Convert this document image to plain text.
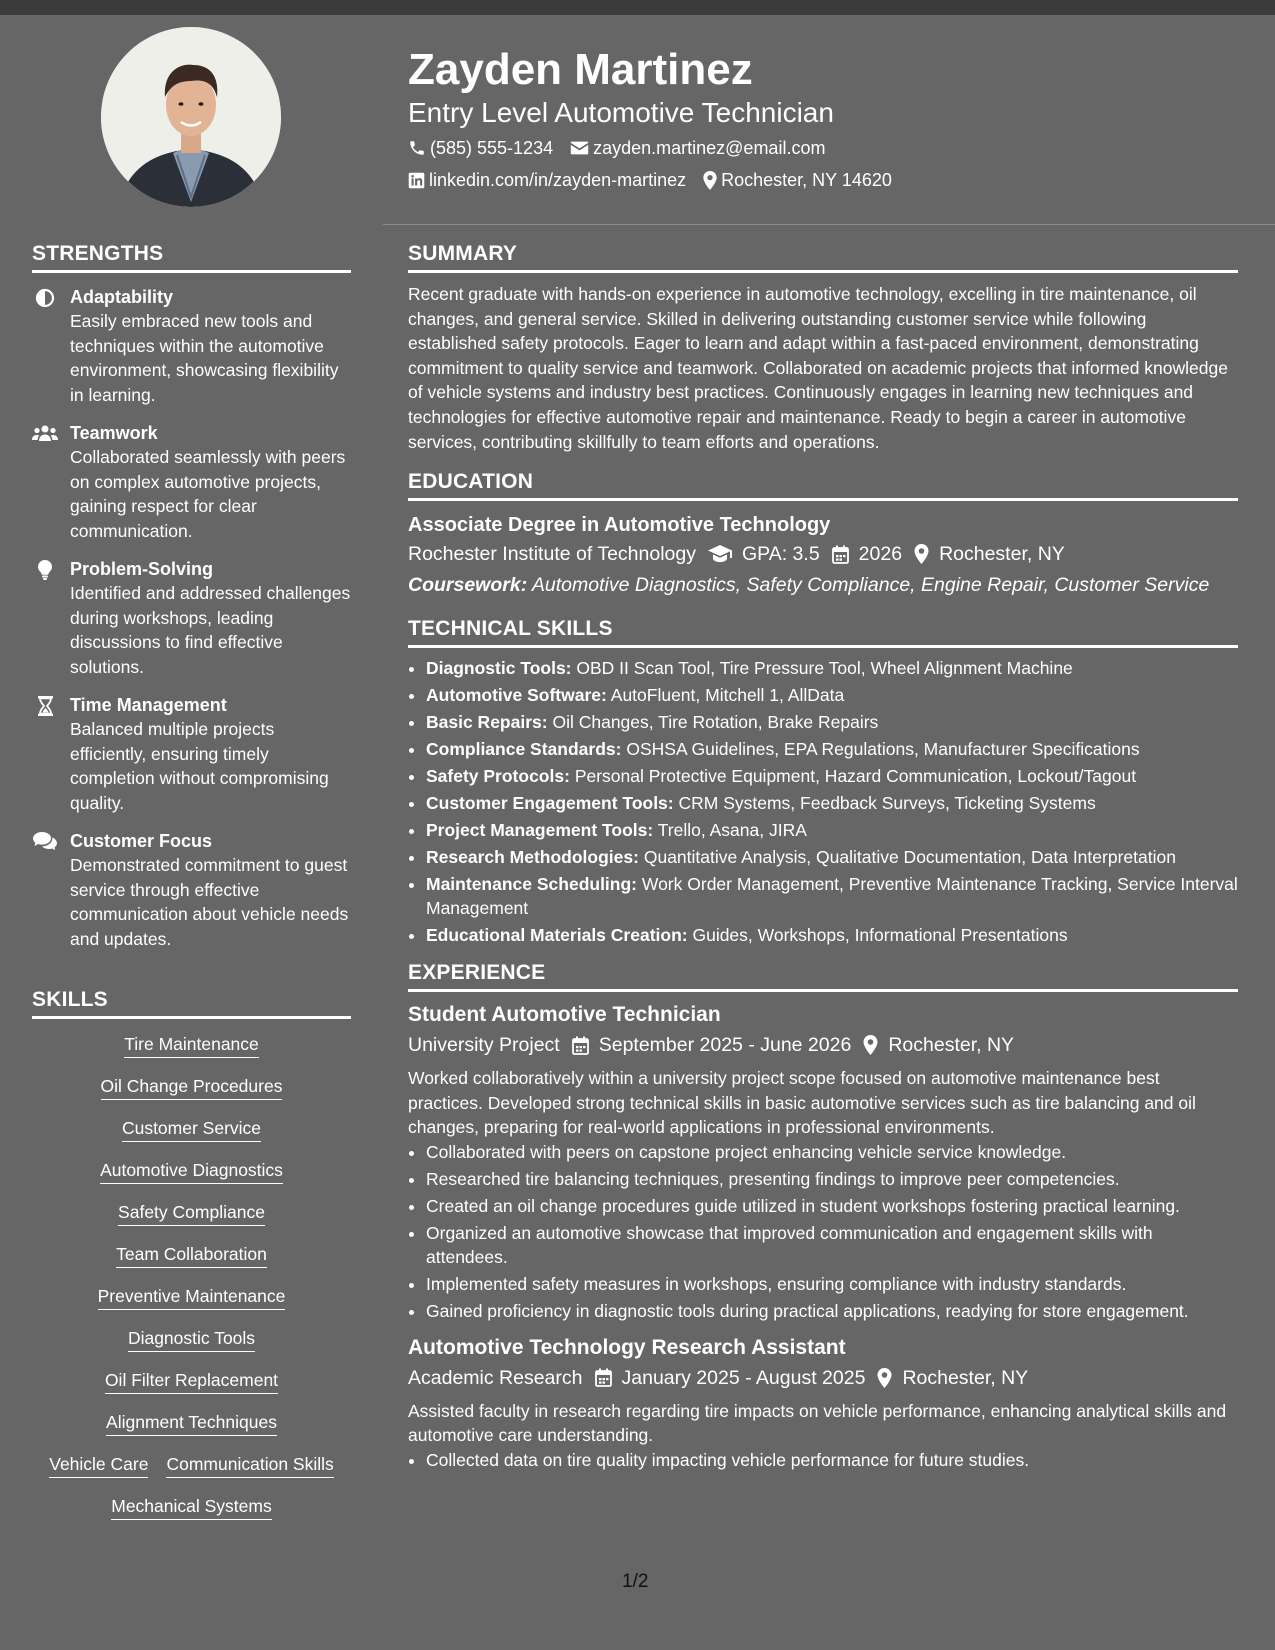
Zayden Martinez
Entry Level Automotive Technician
(585) 555-1234 zayden.martinez@email.com
linkedin.com/in/zayden-martinez Rochester, NY 14620
STRENGTHS
Adaptability
Easily embraced new tools and techniques within the automotive environment, showcasing flexibility in learning.
Teamwork
Collaborated seamlessly with peers on complex automotive projects, gaining respect for clear communication.
Problem-Solving
Identified and addressed challenges during workshops, leading discussions to find effective solutions.
Time Management
Balanced multiple projects efficiently, ensuring timely completion without compromising quality.
Customer Focus
Demonstrated commitment to guest service through effective communication about vehicle needs and updates.
SKILLS
Tire Maintenance
Oil Change Procedures
Customer Service
Automotive Diagnostics
Safety Compliance
Team Collaboration
Preventive Maintenance
Diagnostic Tools
Oil Filter Replacement
Alignment Techniques
Vehicle Care Communication Skills
Mechanical Systems
SUMMARY
Recent graduate with hands-on experience in automotive technology, excelling in tire maintenance, oil changes, and general service. Skilled in delivering outstanding customer service while following established safety protocols. Eager to learn and adapt within a fast-paced environment, demonstrating commitment to quality service and teamwork. Collaborated on academic projects that informed knowledge of vehicle systems and industry best practices. Continuously engages in learning new techniques and technologies for effective automotive repair and maintenance. Ready to begin a career in automotive services, contributing skillfully to team efforts and operations.
EDUCATION
Associate Degree in Automotive Technology
Rochester Institute of Technology GPA: 3.5 2026 Rochester, NY
Coursework: Automotive Diagnostics, Safety Compliance, Engine Repair, Customer Service
TECHNICAL SKILLS
• Diagnostic Tools: OBD II Scan Tool, Tire Pressure Tool, Wheel Alignment Machine
• Automotive Software: AutoFluent, Mitchell 1, AllData
• Basic Repairs: Oil Changes, Tire Rotation, Brake Repairs
• Compliance Standards: OSHSA Guidelines, EPA Regulations, Manufacturer Specifications
• Safety Protocols: Personal Protective Equipment, Hazard Communication, Lockout/Tagout
• Customer Engagement Tools: CRM Systems, Feedback Surveys, Ticketing Systems
• Project Management Tools: Trello, Asana, JIRA
• Research Methodologies: Quantitative Analysis, Qualitative Documentation, Data Interpretation
• Maintenance Scheduling: Work Order Management, Preventive Maintenance Tracking, Service Interval Management
• Educational Materials Creation: Guides, Workshops, Informational Presentations
EXPERIENCE
Student Automotive Technician
University Project September 2025 - June 2026 Rochester, NY
Worked collaboratively within a university project scope focused on automotive maintenance best practices. Developed strong technical skills in basic automotive services such as tire balancing and oil changes, preparing for real-world applications in professional environments.
• Collaborated with peers on capstone project enhancing vehicle service knowledge.
• Researched tire balancing techniques, presenting findings to improve peer competencies.
• Created an oil change procedures guide utilized in student workshops fostering practical learning.
• Organized an automotive showcase that improved communication and engagement skills with attendees.
• Implemented safety measures in workshops, ensuring compliance with industry standards.
• Gained proficiency in diagnostic tools during practical applications, readying for store engagement.
Automotive Technology Research Assistant
Academic Research January 2025 - August 2025 Rochester, NY
Assisted faculty in research regarding tire impacts on vehicle performance, enhancing analytical skills and automotive care understanding.
• Collected data on tire quality impacting vehicle performance for future studies.
1/2
